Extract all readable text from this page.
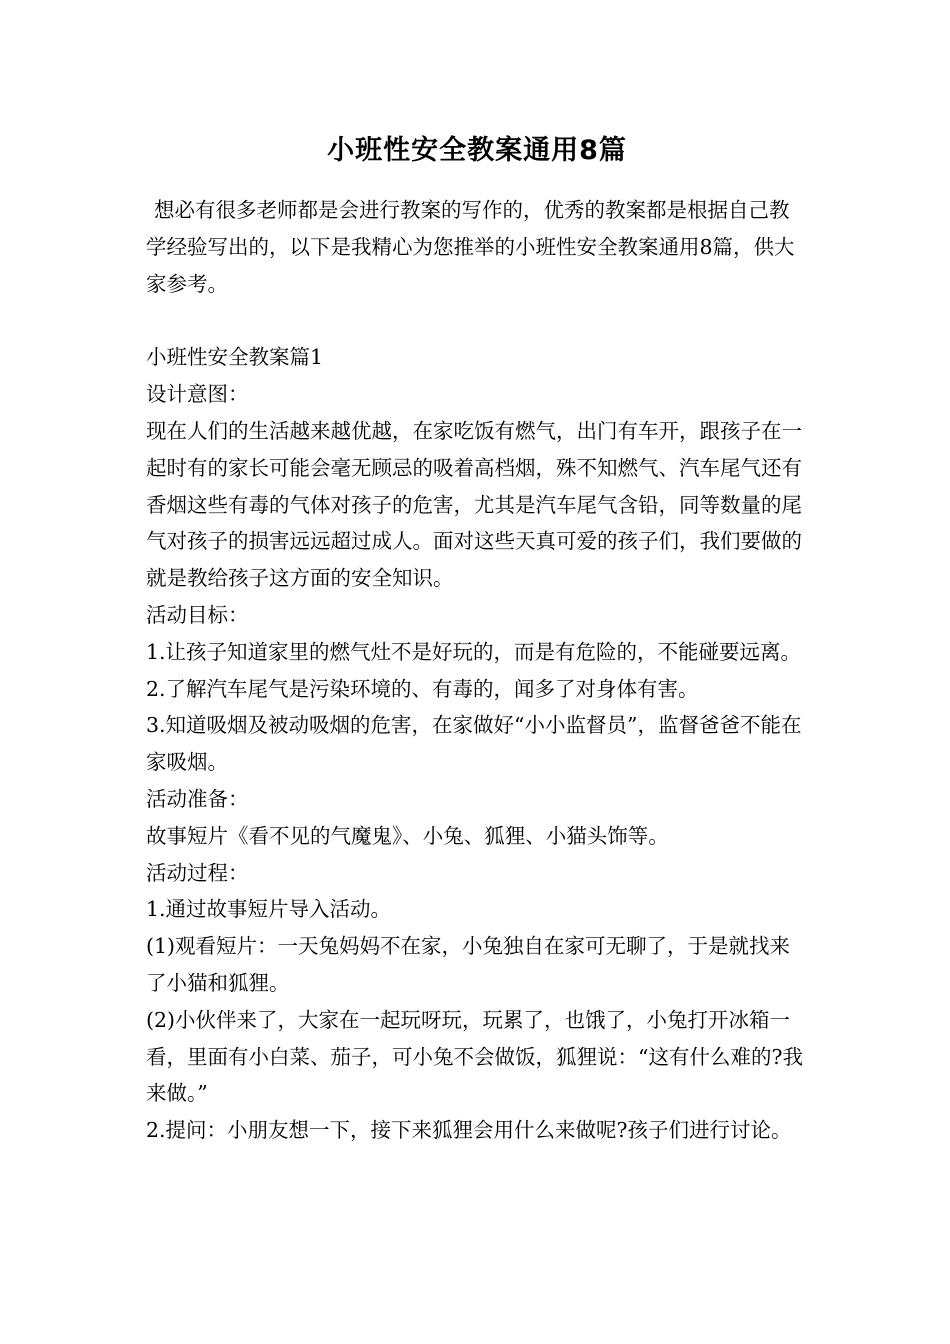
小班性安全教案通用8篇

想必有很多老师都是会进行教案的写作的，优秀的教案都是根据自己教学经验写出的，以下是我精心为您推举的小班性安全教案通用8篇，供大家参考。

小班性安全教案篇1

设计意图：

现在人们的生活越来越优越，在家吃饭有燃气，出门有车开，跟孩子在一起时有的家长可能会毫无顾忌的吸着高档烟，殊不知燃气、汽车尾气还有香烟这些有毒的气体对孩子的危害，尤其是汽车尾气含铅，同等数量的尾气对孩子的损害远远超过成人。面对这些天真可爱的孩子们，我们要做的就是教给孩子这方面的安全知识。

活动目标：

1.让孩子知道家里的燃气灶不是好玩的，而是有危险的，不能碰要远离。

2.了解汽车尾气是污染环境的、有毒的，闻多了对身体有害。

3.知道吸烟及被动吸烟的危害，在家做好“小小监督员”，监督爸爸不能在家吸烟。

活动准备：

故事短片《看不见的气魔鬼》、小兔、狐狸、小猫头饰等。

活动过程：

1.通过故事短片导入活动。

(1)观看短片：一天兔妈妈不在家，小兔独自在家可无聊了，于是就找来了小猫和狐狸。

(2)小伙伴来了，大家在一起玩呀玩，玩累了，也饿了，小兔打开冰箱一看，里面有小白菜、茄子，可小兔不会做饭，狐狸说：“这有什么难的?我来做。”

2.提问：小朋友想一下，接下来狐狸会用什么来做呢?孩子们进行讨论。
